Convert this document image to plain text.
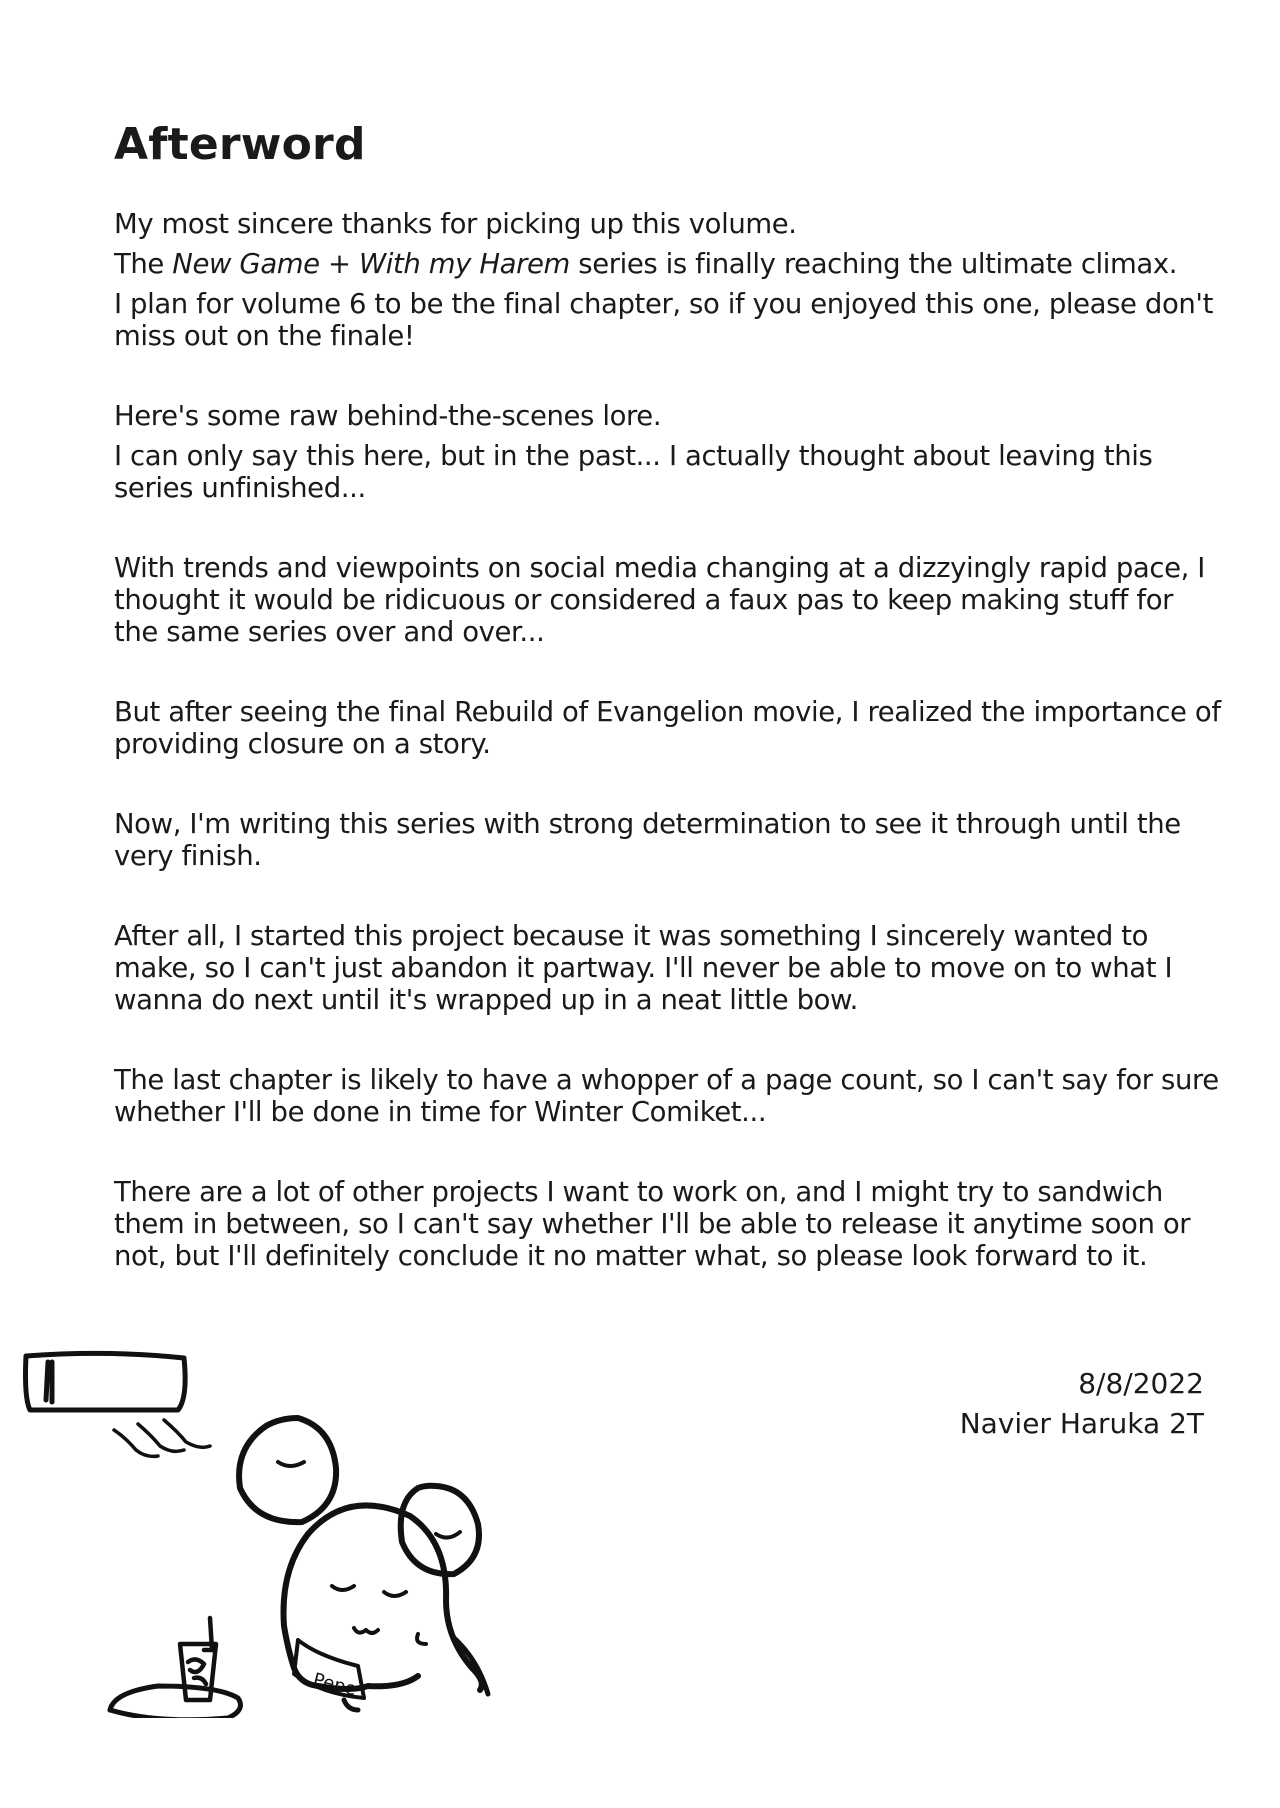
Afterword

My most sincere thanks for picking up this volume.

The New Game + With my Harem series is finally reaching the ultimate climax.

I plan for volume 6 to be the final chapter, so if you enjoyed this one, please don't miss out on the finale!

Here's some raw behind-the-scenes lore.

I can only say this here, but in the past... I actually thought about leaving this series unfinished...

With trends and viewpoints on social media changing at a dizzyingly rapid pace, I thought it would be ridicuous or considered a faux pas to keep making stuff for the same series over and over...

But after seeing the final Rebuild of Evangelion movie, I realized the importance of providing closure on a story.

Now, I'm writing this series with strong determination to see it through until the very finish.

After all, I started this project because it was something I sincerely wanted to make, so I can't just abandon it partway. I'll never be able to move on to what I wanna do next until it's wrapped up in a neat little bow.

The last chapter is likely to have a whopper of a page count, so I can't say for sure whether I'll be done in time for Winter Comiket...

There are a lot of other projects I want to work on, and I might try to sandwich them in between, so I can't say whether I'll be able to release it anytime soon or not, but I'll definitely conclude it no matter what, so please look forward to it.

8/8/2022
Navier Haruka 2T
Pepe
